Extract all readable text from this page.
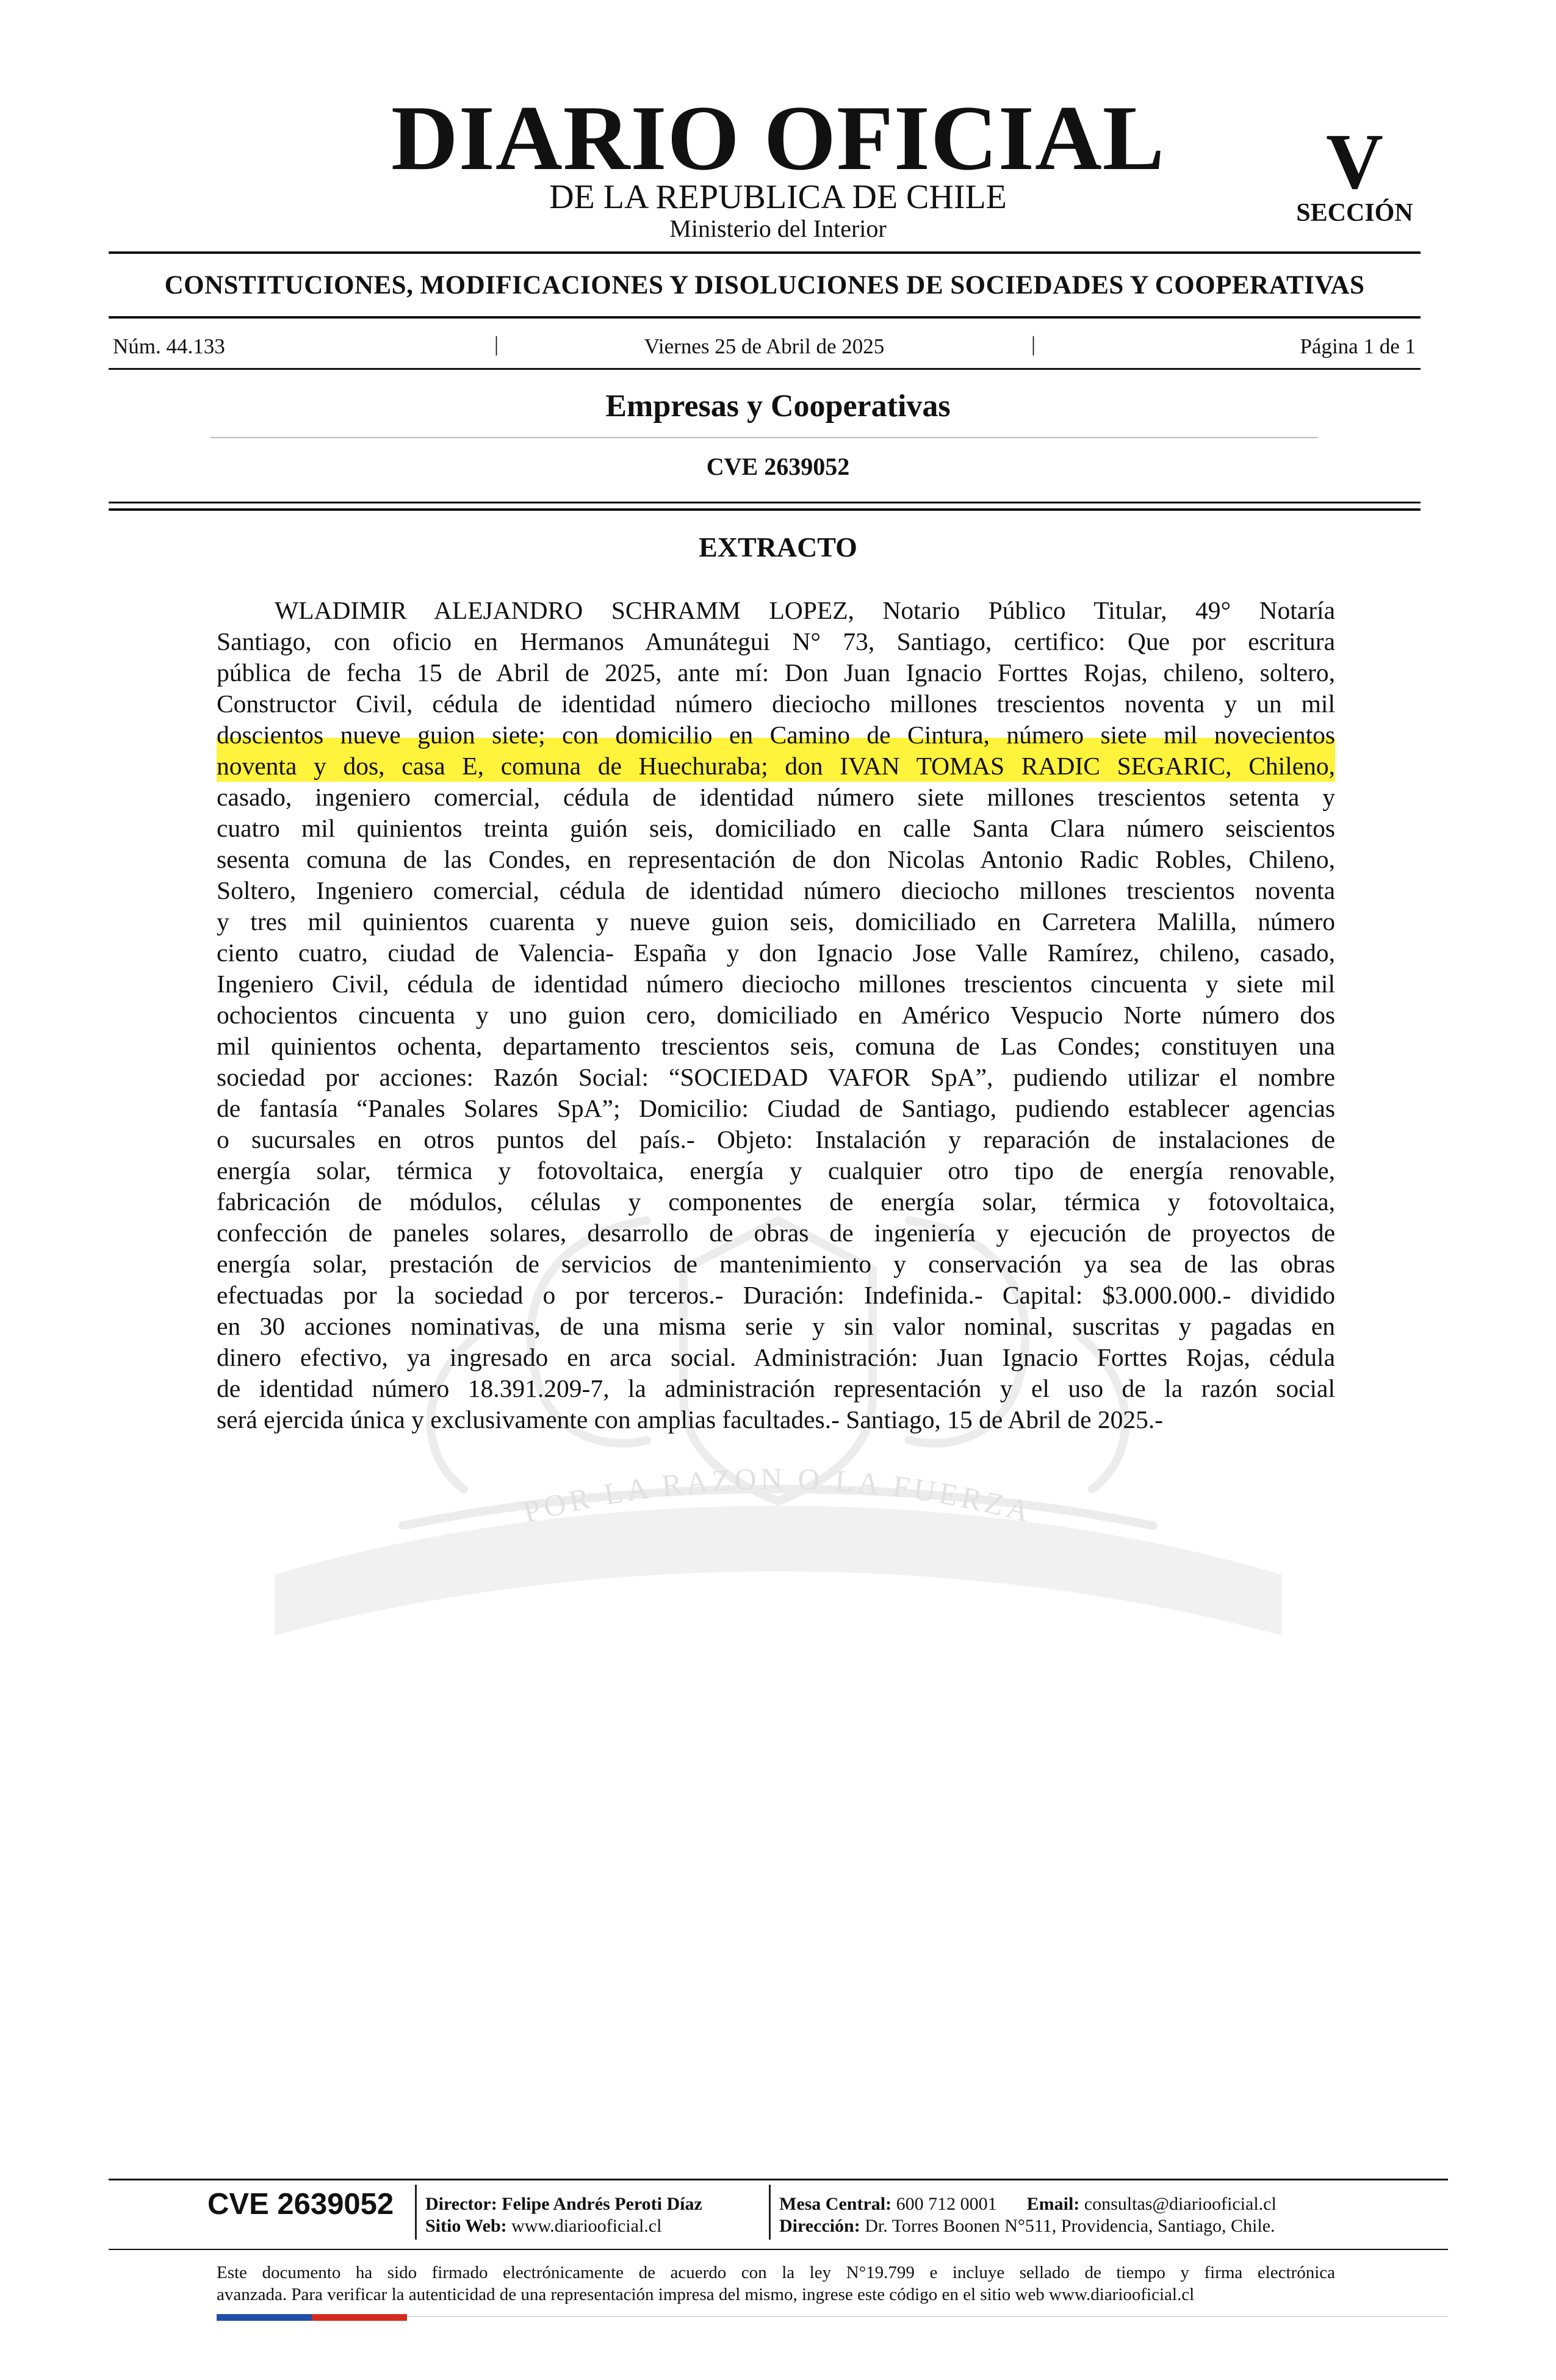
DIARIO OFICIAL
DE LA REPUBLICA DE CHILE
Ministerio del Interior
V
SECCIÓN
CONSTITUCIONES, MODIFICACIONES Y DISOLUCIONES DE SOCIEDADES Y COOPERATIVAS
Núm. 44.133	|	Viernes 25 de Abril de 2025	|	Página 1 de 1
Empresas y Cooperativas
CVE 2639052
EXTRACTO
POR LA RAZON O LA FUERZA
WLADIMIR ALEJANDRO SCHRAMM LOPEZ, Notario Público Titular, 49° Notaría
Santiago, con oficio en Hermanos Amunátegui N° 73, Santiago, certifico: Que por escritura
pública de fecha 15 de Abril de 2025, ante mí: Don Juan Ignacio Forttes Rojas, chileno, soltero,
Constructor Civil, cédula de identidad número dieciocho millones trescientos noventa y un mil
doscientos nueve guion siete; con domicilio en Camino de Cintura, número siete mil novecientos
noventa y dos, casa E, comuna de Huechuraba; don IVAN TOMAS RADIC SEGARIC, Chileno,
casado, ingeniero comercial, cédula de identidad número siete millones trescientos setenta y
cuatro mil quinientos treinta guión seis, domiciliado en calle Santa Clara número seiscientos
sesenta comuna de las Condes, en representación de don Nicolas Antonio Radic Robles, Chileno,
Soltero, Ingeniero comercial, cédula de identidad número dieciocho millones trescientos noventa
y tres mil quinientos cuarenta y nueve guion seis, domiciliado en Carretera Malilla, número
ciento cuatro, ciudad de Valencia- España y don Ignacio Jose Valle Ramírez, chileno, casado,
Ingeniero Civil, cédula de identidad número dieciocho millones trescientos cincuenta y siete mil
ochocientos cincuenta y uno guion cero, domiciliado en Américo Vespucio Norte número dos
mil quinientos ochenta, departamento trescientos seis, comuna de Las Condes; constituyen una
sociedad por acciones: Razón Social: “SOCIEDAD VAFOR SpA”, pudiendo utilizar el nombre
de fantasía “Panales Solares SpA”; Domicilio: Ciudad de Santiago, pudiendo establecer agencias
o sucursales en otros puntos del país.- Objeto: Instalación y reparación de instalaciones de
energía solar, térmica y fotovoltaica, energía y cualquier otro tipo de energía renovable,
fabricación de módulos, células y componentes de energía solar, térmica y fotovoltaica,
confección de paneles solares, desarrollo de obras de ingeniería y ejecución de proyectos de
energía solar, prestación de servicios de mantenimiento y conservación ya sea de las obras
efectuadas por la sociedad o por terceros.- Duración: Indefinida.- Capital: $3.000.000.- dividido
en 30 acciones nominativas, de una misma serie y sin valor nominal, suscritas y pagadas en
dinero efectivo, ya ingresado en arca social. Administración: Juan Ignacio Forttes Rojas, cédula
de identidad número 18.391.209-7, la administración representación y el uso de la razón social
será ejercida única y exclusivamente con amplias facultades.- Santiago, 15 de Abril de 2025.-
CVE 2639052 Director: Felipe Andrés Peroti Díaz
Sitio Web: www.diariooficial.cl
Mesa Central: 600 712 0001 Email: consultas@diariooficial.cl
Dirección: Dr. Torres Boonen N°511, Providencia, Santiago, Chile.
Este documento ha sido firmado electrónicamente de acuerdo con la ley N°19.799 e incluye sellado de tiempo y firma electrónica
avanzada. Para verificar la autenticidad de una representación impresa del mismo, ingrese este código en el sitio web www.diariooficial.cl
